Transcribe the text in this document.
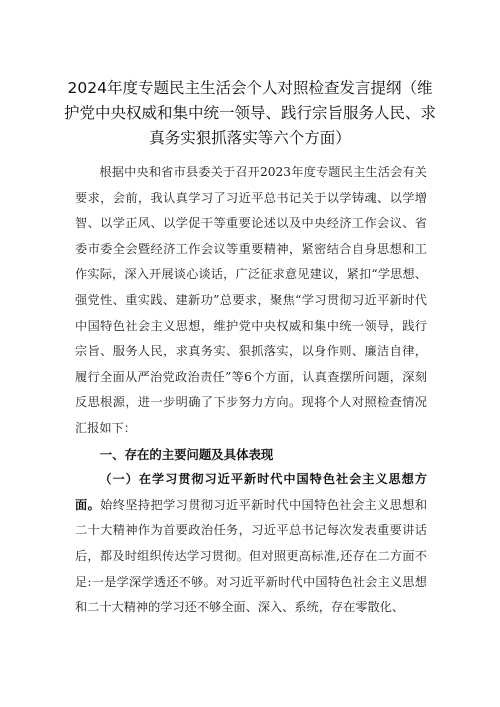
2024年度专题民主生活会个人对照检查发言提纲（维护党中央权威和集中统一领导、践行宗旨服务人民、求真务实狠抓落实等六个方面）

根据中央和省市县委关于召开2023年度专题民主生活会有关要求，会前，我认真学习了习近平总书记关于以学铸魂、以学增智、以学正风、以学促干等重要论述以及中央经济工作会议、省委市委全会暨经济工作会议等重要精神，紧密结合自身思想和工作实际，深入开展谈心谈话，广泛征求意见建议，紧扣“学思想、强党性、重实践、建新功”总要求，聚焦“学习贯彻习近平新时代中国特色社会主义思想，维护党中央权威和集中统一领导，践行宗旨、服务人民，求真务实、狠抓落实，以身作则、廉洁自律，履行全面从严治党政治责任”等6个方面，认真查摆所问题，深刻反思根源，进一步明确了下步努力方向。现将个人对照检查情况汇报如下：

一、存在的主要问题及具体表现

（一）在学习贯彻习近平新时代中国特色社会主义思想方面。始终坚持把学习贯彻习近平新时代中国特色社会主义思想和二十大精神作为首要政治任务，习近平总书记每次发表重要讲话后，都及时组织传达学习贯彻。但对照更高标准,还存在二方面不足:一是学深学透还不够。对习近平新时代中国特色社会主义思想和二十大精神的学习还不够全面、深入、系统，存在零散化、
